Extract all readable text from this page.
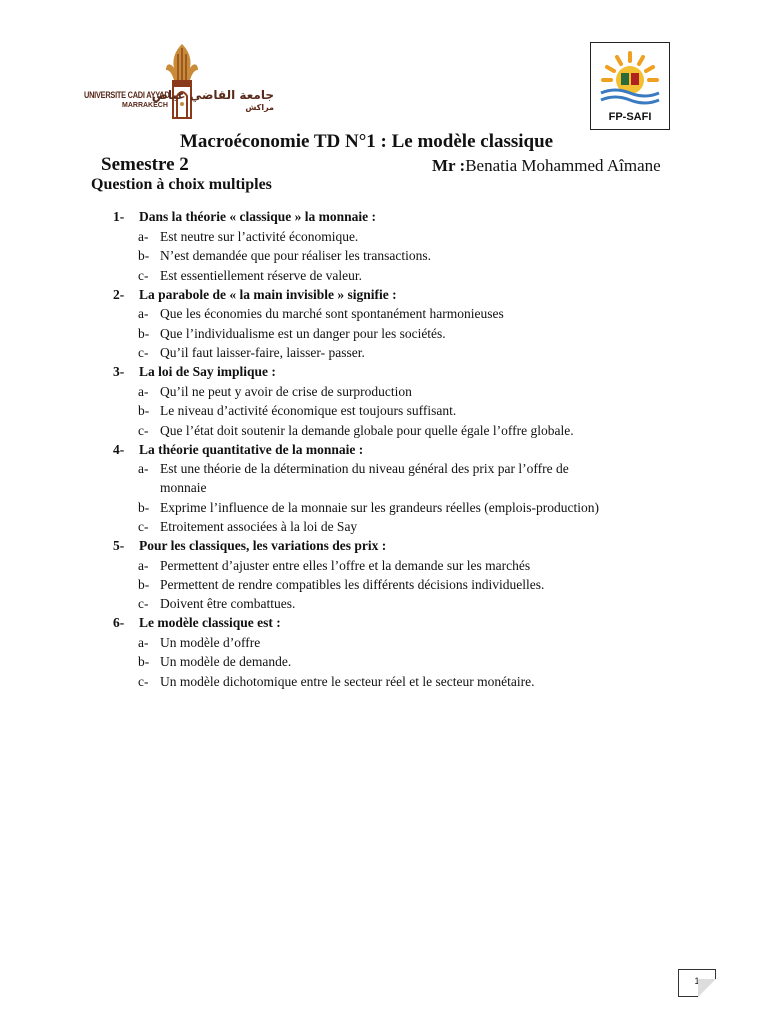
UNIVERSITE CADI AYYAD
MARRAKECH
جامعة القاضي عياض
مراكش
FP-SAFI
Macroéconomie TD N°1 : Le modèle classique
Semestre 2	Mr :Benatia Mohammed Aîmane
Question à choix multiples
1- Dans la théorie « classique » la monnaie :
a- Est neutre sur l’activité économique.
b- N’est demandée que pour réaliser les transactions.
c- Est essentiellement réserve de valeur.
2- La parabole de « la main invisible » signifie :
a- Que les économies du marché sont spontanément harmonieuses
b- Que l’individualisme est un danger pour les sociétés.
c- Qu’il faut laisser-faire, laisser- passer.
3- La loi de Say implique :
a- Qu’il ne peut y avoir de crise de surproduction
b- Le niveau d’activité économique est toujours suffisant.
c- Que l’état doit soutenir la demande globale pour quelle égale l’offre globale.
4- La théorie quantitative de la monnaie :
a- Est une théorie de la détermination du niveau général des prix par l’offre de
monnaie
b- Exprime l’influence de la monnaie sur les grandeurs réelles (emplois-production)
c- Etroitement associées à la loi de Say
5- Pour les classiques, les variations des prix :
a- Permettent d’ajuster entre elles l’offre et la demande sur les marchés
b- Permettent de rendre compatibles les différents décisions individuelles.
c- Doivent être combattues.
6- Le modèle classique est :
a- Un modèle d’offre
b- Un modèle de demande.
c- Un modèle dichotomique entre le secteur réel et le secteur monétaire.
1
